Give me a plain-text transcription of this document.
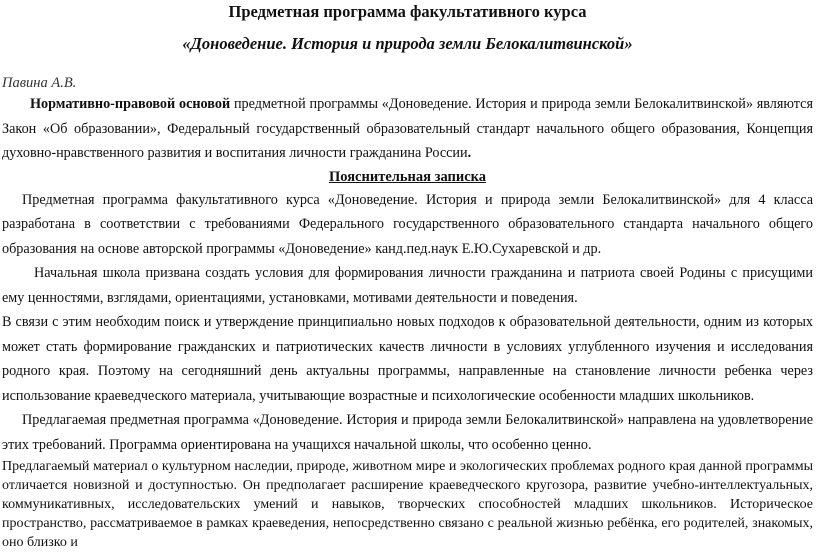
Предметная программа факультативного курса
«Доноведение. История и природа земли Белокалитвинской»
Павина А.В.

Нормативно-правовой основой предметной программы «Доноведение. История и природа земли Белокалитвинской» являются Закон «Об образовании», Федеральный государственный образовательный стандарт начального общего образования, Концепция духовно-нравственного развития и воспитания личности гражданина России.

Пояснительная записка

Предметная программа факультативного курса «Доноведение. История и природа земли Белокалитвинской» для 4 класса разработана в соответствии с требованиями Федерального государственного образовательного стандарта начального общего образования на основе авторской программы «Доноведение» канд.пед.наук Е.Ю.Сухаревской и др.

Начальная школа призвана создать условия для формирования личности гражданина и патриота своей Родины с присущими ему ценностями, взглядами, ориентациями, установками, мотивами деятельности и поведения.

В связи с этим необходим поиск и утверждение принципиально новых подходов к образовательной деятельности, одним из которых может стать формирование гражданских и патриотических качеств личности в условиях углубленного изучения и исследования родного края. Поэтому на сегодняшний день актуальны программы, направленные на становление личности ребенка через использование краеведческого материала, учитывающие возрастные и психологические особенности младших школьников.

Предлагаемая предметная программа «Доноведение. История и природа земли Белокалитвинской» направлена на удовлетворение этих требований. Программа ориентирована на учащихся начальной школы, что особенно ценно.

Предлагаемый материал о культурном наследии, природе, животном мире и экологических проблемах родного края данной программы отличается новизной и доступностью. Он предполагает расширение краеведческого кругозора, развитие учебно-интеллектуальных, коммуникативных, исследовательских умений и навыков, творческих способностей младших школьников. Историческое пространство, рассматриваемое в рамках краеведения, непосредственно связано с реальной жизнью ребёнка, его родителей, знакомых, оно близко и
